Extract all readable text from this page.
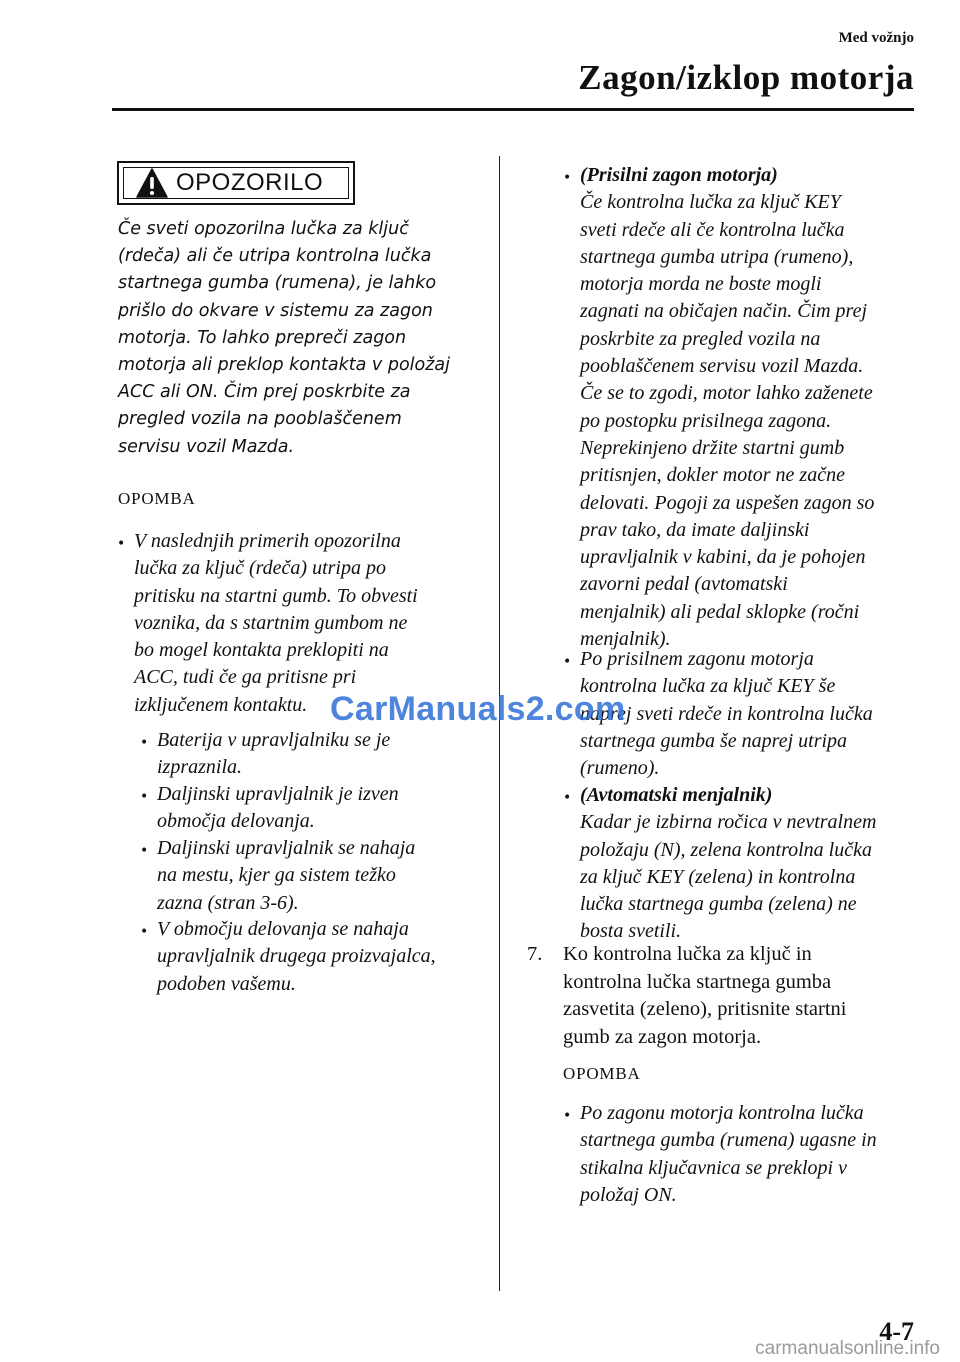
Med vožnjo
Zagon/izklop motorja
OPOZORILO
Če sveti opozorilna lučka za ključ
(rdeča) ali če utripa kontrolna lučka
startnega gumba (rumena), je lahko
prišlo do okvare v sistemu za zagon
motorja. To lahko prepreči zagon
motorja ali preklop kontakta v položaj
ACC ali ON. Čim prej poskrbite za
pregled vozila na pooblaščenem
servisu vozil Mazda.
OPOMBA
• V naslednjih primerih opozorilna
lučka za ključ (rdeča) utripa po
pritisku na startni gumb. To obvesti
voznika, da s startnim gumbom ne
bo mogel kontakta preklopiti na
ACC, tudi če ga pritisne pri
izključenem kontaktu.
• Baterija v upravljalniku se je
izpraznila.
• Daljinski upravljalnik je izven
območja delovanja.
• Daljinski upravljalnik se nahaja
na mestu, kjer ga sistem težko
zazna (stran 3-6).
• V območju delovanja se nahaja
upravljalnik drugega proizvajalca,
podoben vašemu.
• (Prisilni zagon motorja)
Če kontrolna lučka za ključ KEY
sveti rdeče ali če kontrolna lučka
startnega gumba utripa (rumeno),
motorja morda ne boste mogli
zagnati na običajen način. Čim prej
poskrbite za pregled vozila na
pooblaščenem servisu vozil Mazda.
Če se to zgodi, motor lahko zaženete
po postopku prisilnega zagona.
Neprekinjeno držite startni gumb
pritisnjen, dokler motor ne začne
delovati. Pogoji za uspešen zagon so
prav tako, da imate daljinski
upravljalnik v kabini, da je pohojen
zavorni pedal (avtomatski
menjalnik) ali pedal sklopke (ročni
menjalnik).
• Po prisilnem zagonu motorja
kontrolna lučka za ključ KEY še
naprej sveti rdeče in kontrolna lučka
startnega gumba še naprej utripa
(rumeno).
• (Avtomatski menjalnik)
Kadar je izbirna ročica v nevtralnem
položaju (N), zelena kontrolna lučka
za ključ KEY (zelena) in kontrolna
lučka startnega gumba (zelena) ne
bosta svetili.
7. Ko kontrolna lučka za ključ in
kontrolna lučka startnega gumba
zasvetita (zeleno), pritisnite startni
gumb za zagon motorja.
OPOMBA
• Po zagonu motorja kontrolna lučka
startnega gumba (rumena) ugasne in
stikalna ključavnica se preklopi v
položaj ON.
CarManuals2.com
4-7
carmanualsonline.info
